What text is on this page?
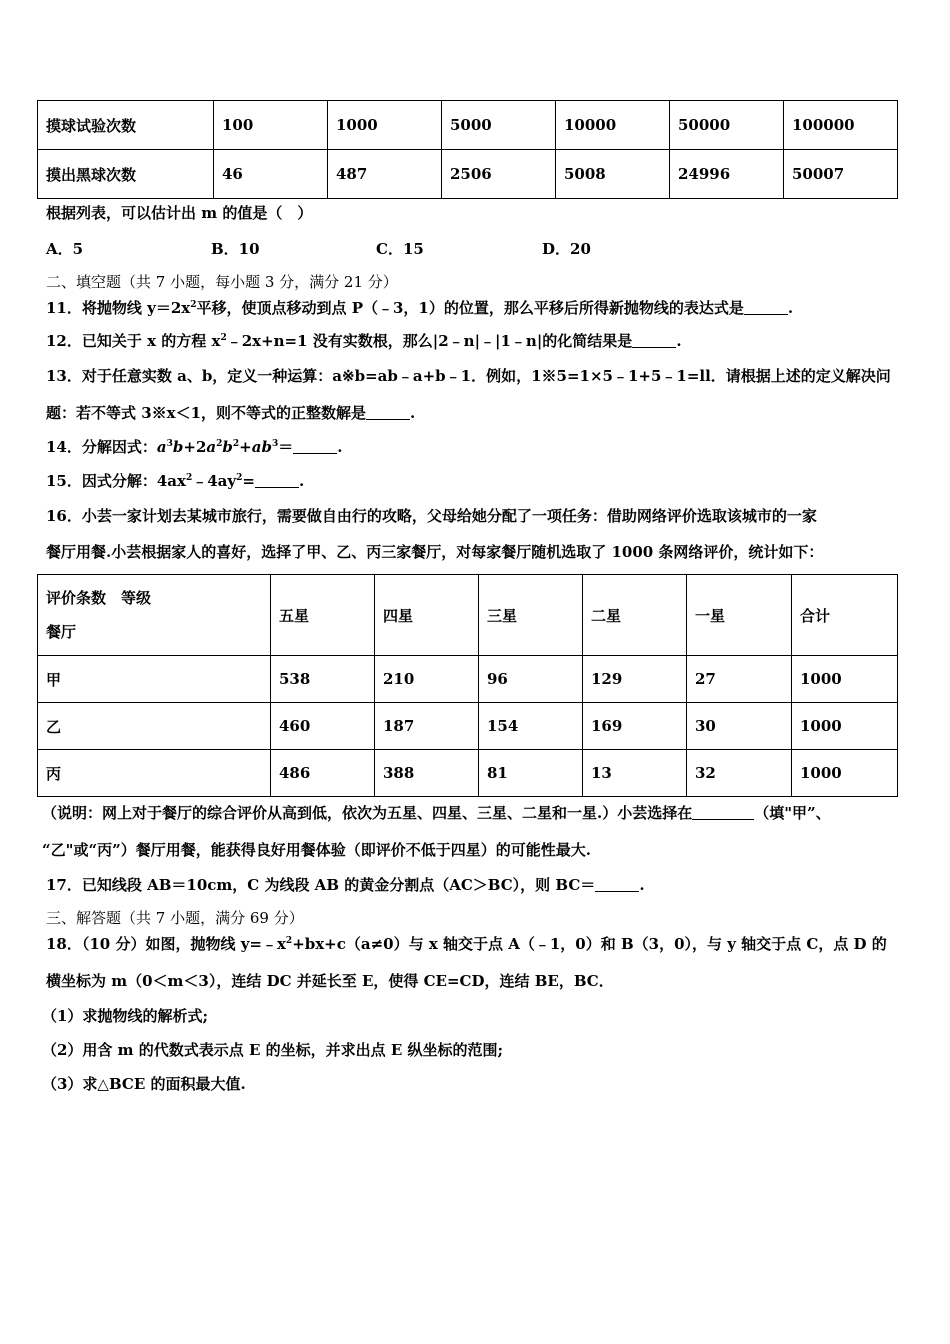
摸球试验次数	100	1000	5000	10000	50000	100000
摸出黑球次数	46	487	2506	5008	24996	50007
根据列表，可以估计出 m 的值是（　）
A．5	B．10	C．15	D．20
二、填空题（共 7 小题，每小题 3 分，满分 21 分）
11．将抛物线 $y=2x^2$平移，使顶点移动到点 P（﹣3，1）的位置，那么平移后所得新抛物线的表达式是	.
12．已知关于 x 的方程 $x^2﹣2x+n=1$ 没有实数根，那么|2﹣n|﹣|1﹣n|的化简结果是	.
13．对于任意实数 a、b，定义一种运算：a※b=ab﹣a+b﹣1．例如，1※5=1×5﹣1+5﹣1=ll．请根据上述的定义解决问
题：若不等式 3※x＜1，则不等式的正整数解是	.
14．分解因式：$a^3b+2a^2b^2+ab^3=$	.
15．因式分解：$4ax^2﹣4ay^2=$	.
16．小芸一家计划去某城市旅行，需要做自由行的攻略，父母给她分配了一项任务：借助网络评价选取该城市的一家
餐厅用餐.小芸根据家人的喜好，选择了甲、乙、丙三家餐厅，对每家餐厅随机选取了 1000 条网络评价，统计如下：
评价条数　等级
餐厅	五星	四星	三星	二星	一星	合计
甲	538	210	96	129	27	1000
乙	460	187	154	169	30	1000
丙	486	388	81	13	32	1000
（说明：网上对于餐厅的综合评价从高到低，依次为五星、四星、三星、二星和一星.）小芸选择在	（填"甲”、
“乙"或“丙”）餐厅用餐，能获得良好用餐体验（即评价不低于四星）的可能性最大.
17．已知线段 AB＝10cm，C 为线段 AB 的黄金分割点（AC＞BC），则 BC＝	.
三、解答题（共 7 小题，满分 69 分）
18．（10 分）如图，抛物线 $y=﹣x^2+bx+c(a\ne 0)$与 x 轴交于点 A（﹣1，0）和 B（3，0），与 y 轴交于点 C，点 D 的
横坐标为 m（0＜m＜3），连结 DC 并延长至 E，使得 CE=CD，连结 BE，BC．
（1）求抛物线的解析式;
（2）用含 m 的代数式表示点 E 的坐标，并求出点 E 纵坐标的范围;
（3）求△BCE 的面积最大值.
